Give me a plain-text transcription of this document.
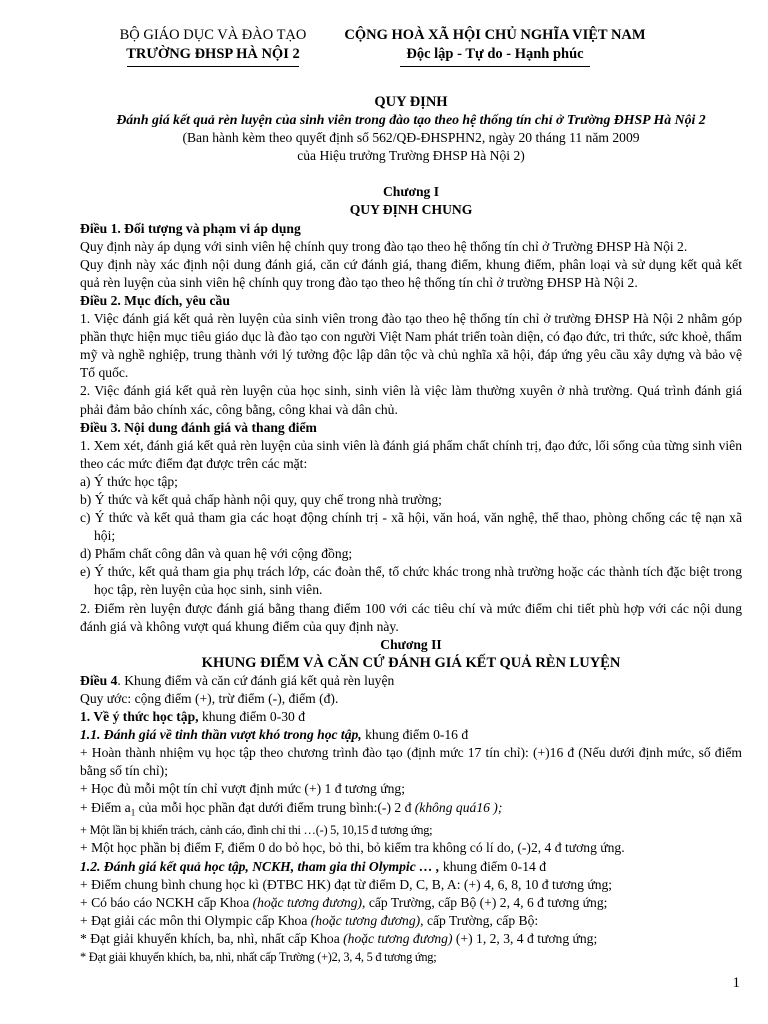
BỘ GIÁO DỤC VÀ ĐÀO TẠO
TRƯỜNG ĐHSP HÀ NỘI 2
CỘNG HOÀ XÃ HỘI CHỦ NGHĨA VIỆT NAM
Độc lập - Tự do - Hạnh phúc

QUY ĐỊNH

Đánh giá kết quả rèn luyện của sinh viên trong đào tạo theo hệ thống tín chỉ ở Trường ĐHSP Hà Nội 2

(Ban hành kèm theo quyết định số 562/QĐ-ĐHSPHN2, ngày 20 tháng 11 năm 2009

của Hiệu trưởng Trường ĐHSP Hà Nội 2)

Chương I

QUY ĐỊNH CHUNG

Điều 1. Đối tượng và phạm vi áp dụng

Quy định này áp dụng với sinh viên hệ chính quy trong đào tạo theo hệ thống tín chỉ ở Trường ĐHSP Hà Nội 2.

Quy định này xác định nội dung đánh giá, căn cứ đánh giá, thang điểm, khung điểm, phân loại và sử dụng kết quả kết quả rèn luyện của sinh viên hệ chính quy trong đào tạo theo hệ thống tín chỉ ở trường ĐHSP Hà Nội 2.

Điều 2. Mục đích, yêu cầu

1. Việc đánh giá kết quả rèn luyện của sinh viên trong đào tạo theo hệ thống tín chỉ ở trường ĐHSP Hà Nội 2 nhằm góp phần thực hiện mục tiêu giáo dục là đào tạo con người Việt Nam phát triển toàn diện, có đạo đức, tri thức, sức khoẻ, thẩm mỹ và nghề nghiệp, trung thành với lý tưởng độc lập dân tộc và chủ nghĩa xã hội, đáp ứng yêu cầu xây dựng và bảo vệ Tổ quốc.

2. Việc đánh giá kết quả rèn luyện của học sinh, sinh viên là việc làm thường xuyên ở nhà trường. Quá trình đánh giá phải đảm bảo chính xác, công bằng, công khai và dân chủ.

Điều 3. Nội dung đánh giá và thang điểm

1. Xem xét, đánh giá kết quả rèn luyện của sinh viên là đánh giá phẩm chất chính trị, đạo đức, lối sống của từng sinh viên theo các mức điểm đạt được trên các mặt:

a) Ý thức học tập;

b) Ý thức và kết quả chấp hành nội quy, quy chế trong nhà trường;

c) Ý thức và kết quả tham gia các hoạt động chính trị - xã hội, văn hoá, văn nghệ, thể thao, phòng chống các tệ nạn xã hội;

d) Phẩm chất công dân và quan hệ với cộng đồng;

e) Ý thức, kết quả tham gia phụ trách lớp, các đoàn thể, tổ chức khác trong nhà trường hoặc các thành tích đặc biệt trong học tập, rèn luyện của học sinh, sinh viên.

2. Điểm rèn luyện được đánh giá bằng thang điểm 100 với các tiêu chí và mức điểm chi tiết phù hợp với các nội dung đánh giá và không vượt quá khung điểm của quy định này.

Chương II

KHUNG ĐIỂM VÀ CĂN CỨ ĐÁNH GIÁ KẾT QUẢ RÈN LUYỆN

Điều 4. Khung điểm và căn cứ đánh giá kết quả rèn luyện

Quy ước: cộng điểm (+), trừ điểm (-), điểm (đ).

1. Về ý thức học tập, khung điểm 0-30 đ

1.1. Đánh giá về tinh thần vượt khó trong học tập, khung điểm 0-16 đ

+ Hoàn thành nhiệm vụ học tập theo chương trình đào tạo (định mức 17 tín chỉ): (+)16 đ (Nếu dưới định mức, số điểm bằng số tín chỉ);

+ Học đủ mỗi một tín chỉ vượt định mức (+) 1 đ tương ứng;

+ Điểm $a_1$ của mỗi học phần đạt dưới điểm trung bình:(-) 2 đ (không quá16 );

+ Một lần bị khiển trách, cảnh cáo, đình chỉ thi …(-) 5, 10,15 đ tương ứng;

+ Một học phần bị điểm F, điểm 0 do bỏ học, bỏ thi, bỏ kiểm tra không có lí do, (-)2, 4 đ tương ứng.

1.2. Đánh giá kết quả học tập, NCKH, tham gia thi Olympic … , khung điểm 0-14 đ

+ Điểm chung bình chung học kì (ĐTBC HK) đạt từ điểm D, C, B, A: (+) 4, 6, 8, 10 đ tương ứng;

+ Có báo cáo NCKH cấp Khoa (hoặc tương đương), cấp Trường, cấp Bộ (+) 2, 4, 6 đ tương ứng;

+ Đạt giải các môn thi Olympic cấp Khoa (hoặc tương đương), cấp Trường, cấp Bộ:

* Đạt giải khuyến khích, ba, nhì, nhất cấp Khoa (hoặc tương đương) (+) 1, 2, 3, 4 đ tương ứng;

* Đạt giải khuyến khích, ba, nhì, nhất cấp Trường (+)2, 3, 4, 5 đ tương ứng;

1
